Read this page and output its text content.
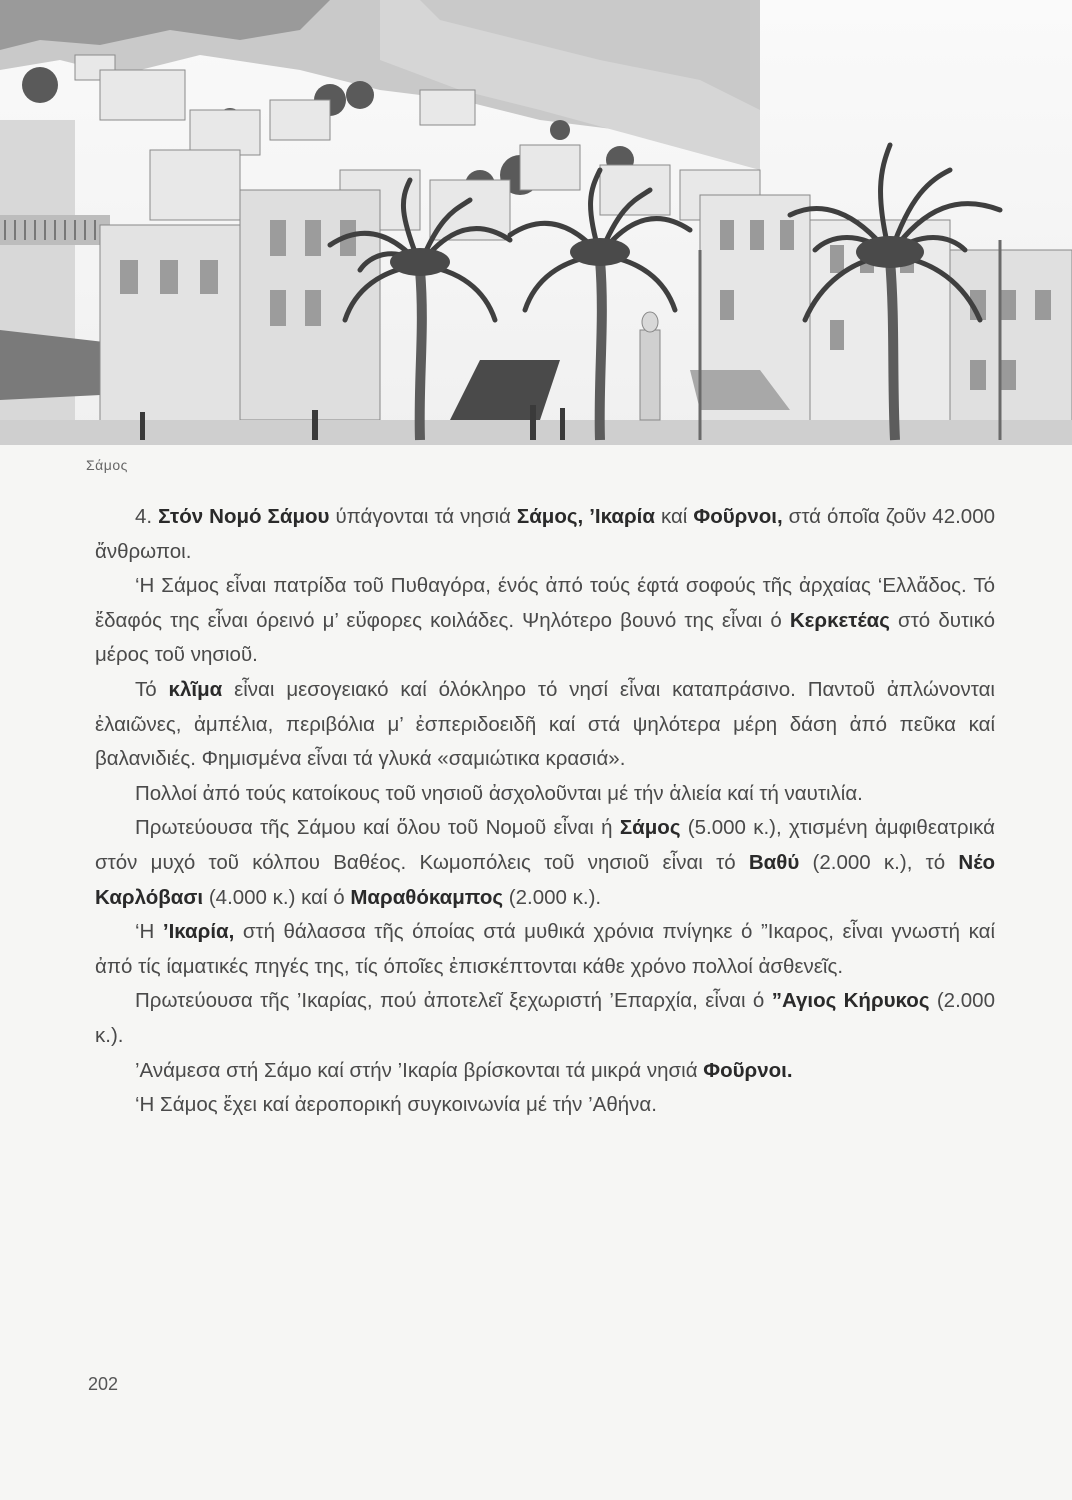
Σάμος

4. Στόν Νομό Σάμου ύπάγονται τά νησιά Σάμος, ’Ικαρία καί Φοῦρνοι, στά όποῖα ζοῦν 42.000 ἄνθρωποι.

‘Η Σάμος εἶναι πατρίδα τοῦ Πυθαγόρα, ένός ἀπό τούς έφτά σοφούς τῆς ἀρχαίας ‘Ελλἄδος. Τό ἔδαφός της εἶναι όρεινό μ’ εὔφορες κοιλάδες. Ψηλότερο βουνό της εἶναι ό Κερκετέας στό δυτικό μέρος τοῦ νησιοῦ.

Τό κλῖμα εἶναι μεσογειακό καί όλόκληρο τό νησί εἶναι καταπράσινο. Παντοῦ ἀπλώνονται ἐλαιῶνες, ἀμπέλια, περιβόλια μ’ ἐσπεριδοειδῆ καί στά ψηλότερα μέρη δάση ἀπό πεῦκα καί βαλανιδιές. Φημισμένα εἶναι τά γλυκά «σαμιώτικα κρασιά».

Πολλοί ἀπό τούς κατοίκους τοῦ νησιοῦ ἀσχολοῦνται μέ τήν ἁλιεία καί τή ναυτιλία.

Πρωτεύουσα τῆς Σάμου καί ὅλου τοῦ Νομοῦ εἶναι ή Σάμος (5.000 κ.), χτισμένη ἀμφιθεατρικά στόν μυχό τοῦ κόλπου Βαθέος. Κωμοπόλεις τοῦ νησιοῦ εἶναι τό Βαθύ (2.000 κ.), τό Νέο Καρλόβασι (4.000 κ.) καί ό Μαραθόκαμπος (2.000 κ.).

‘Η ’Ικαρία, στή θάλασσα τῆς όποίας στά μυθικά χρόνια πνίγηκε ό ”Ικαρος, εἶναι γνωστή καί ἀπό τίς ίαματικές πηγές της, τίς όποῖες ἐπισκέπτονται κάθε χρόνο πολλοί ἀσθενεῖς.

Πρωτεύουσα τῆς ’Ικαρίας, πού ἀποτελεῖ ξεχωριστή ’Επαρχία, εἶναι ό ”Αγιος Κήρυκος (2.000 κ.).

’Ανάμεσα στή Σάμο καί στήν ’Ικαρία βρίσκονται τά μικρά νησιά Φοῦρνοι.

‘Η Σάμος ἔχει καί ἀεροπορική συγκοινωνία μέ τήν ’Αθήνα.

202
